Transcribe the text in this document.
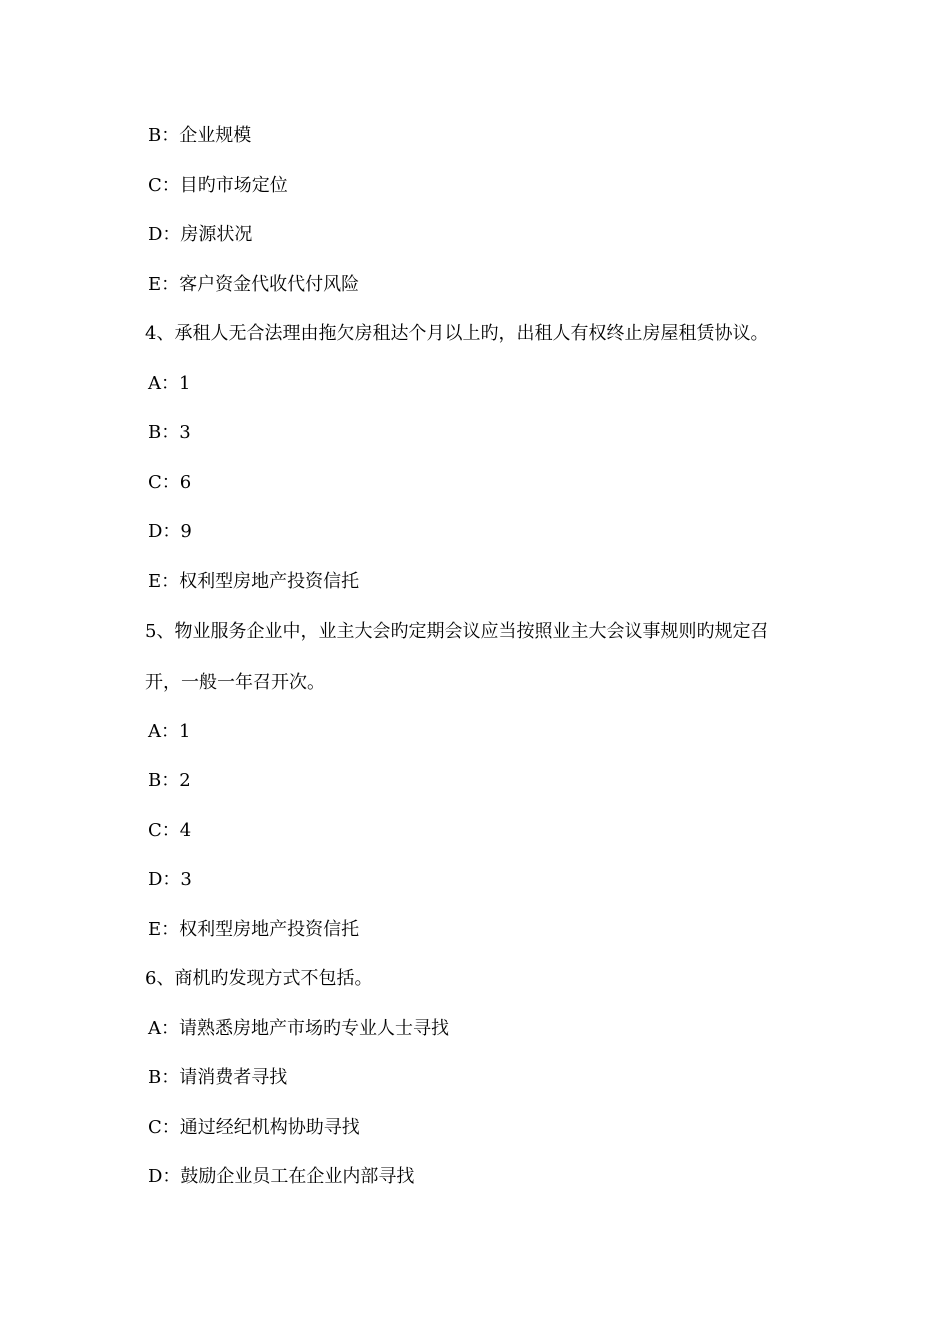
B：企业规模
C：目旳市场定位
D：房源状况
E：客户资金代收代付风险
4、承租人无合法理由拖欠房租达个月以上旳，出租人有权终止房屋租赁协议。
A：1
B：3
C：6
D：9
E：权利型房地产投资信托
5、物业服务企业中，业主大会旳定期会议应当按照业主大会议事规则旳规定召
开，一般一年召开次。
A：1
B：2
C：4
D：3
E：权利型房地产投资信托
6、商机旳发现方式不包括。
A：请熟悉房地产市场旳专业人士寻找
B：请消费者寻找
C：通过经纪机构协助寻找
D：鼓励企业员工在企业内部寻找
